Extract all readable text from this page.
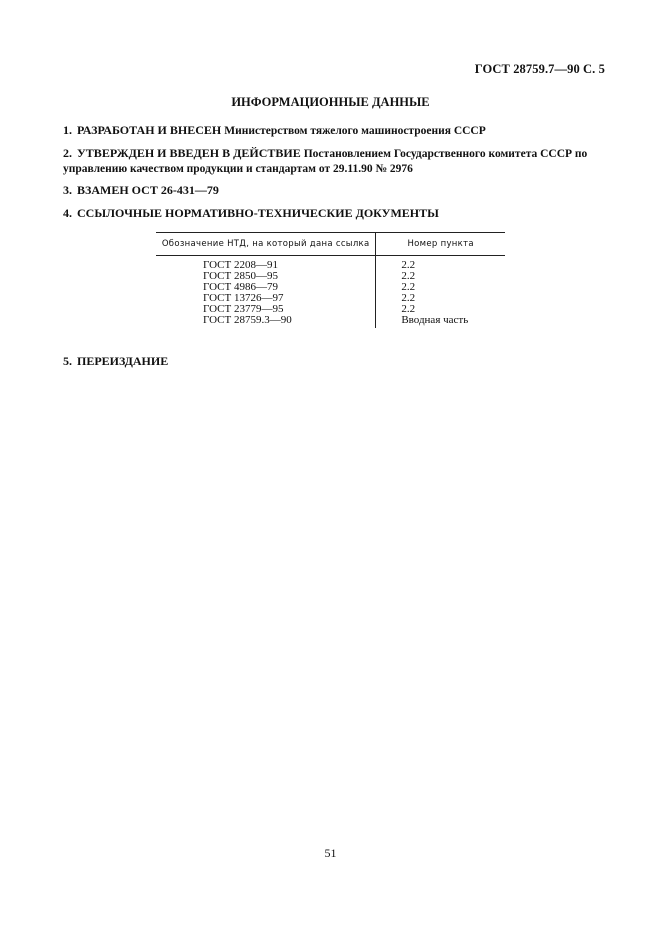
ГОСТ 28759.7—90 С. 5
ИНФОРМАЦИОННЫЕ ДАННЫЕ
1. РАЗРАБОТАН И ВНЕСЕН Министерством тяжелого машиностроения СССР
2. УТВЕРЖДЕН И ВВЕДЕН В ДЕЙСТВИЕ Постановлением Государственного комитета СССР по управлению качеством продукции и стандартам от 29.11.90 № 2976
3. ВЗАМЕН ОСТ 26-431—79
4. ССЫЛОЧНЫЕ НОРМАТИВНО-ТЕХНИЧЕСКИЕ ДОКУМЕНТЫ
Обозначение НТД, на который дана ссылка	Номер пункта
ГОСТ 2208—91	2.2
ГОСТ 2850—95	2.2
ГОСТ 4986—79	2.2
ГОСТ 13726—97	2.2
ГОСТ 23779—95	2.2
ГОСТ 28759.3—90	Вводная часть
5. ПЕРЕИЗДАНИЕ
51
